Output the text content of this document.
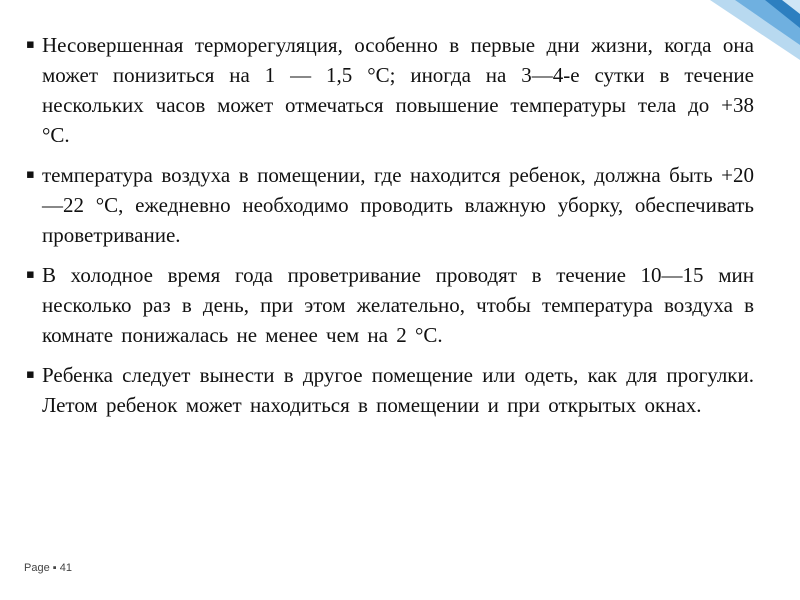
▪ Несовершенная терморегуляция, особенно в первые дни жизни, когда она может понизиться на 1 — 1,5 °С; иногда на 3—4-е сутки в течение нескольких часов может отмечаться повышение температуры тела до +38 °С.
▪ температура воздуха в помещении, где находится ребенок, должна быть +20—22 °С, ежедневно необходимо проводить влажную уборку, обеспечивать проветривание.
▪ В холодное время года проветривание проводят в течение 10—15 мин несколько раз в день, при этом желательно, чтобы температура воздуха в комнате понижалась не менее чем на 2 °С.
▪ Ребенка следует вынести в другое помещение или одеть, как для прогулки. Летом ребенок может находиться в помещении и при открытых окнах.
Page ▪ 41
